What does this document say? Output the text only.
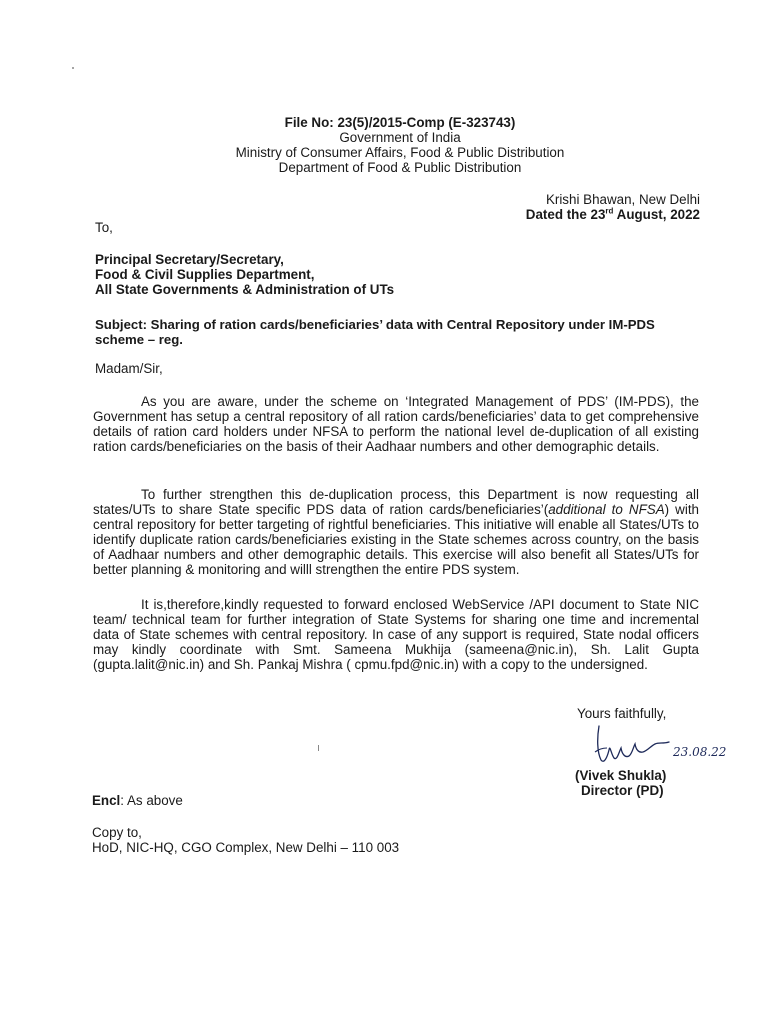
File No: 23(5)/2015-Comp (E-323743)
Government of India
Ministry of Consumer Affairs, Food & Public Distribution
Department of Food & Public Distribution
Krishi Bhawan, New Delhi
Dated the 23rd August, 2022
To,
Principal Secretary/Secretary,
Food & Civil Supplies Department,
All State Governments & Administration of UTs
Subject: Sharing of ration cards/beneficiaries’ data with Central Repository under IM-PDS
scheme – reg.
Madam/Sir,

As you are aware, under the scheme on ‘Integrated Management of PDS’ (IM-PDS), the Government has setup a central repository of all ration cards/beneficiaries’ data to get comprehensive details of ration card holders under NFSA to perform the national level de-duplication of all existing ration cards/beneficiaries on the basis of their Aadhaar numbers and other demographic details.

To further strengthen this de-duplication process, this Department is now requesting all states/UTs to share State specific PDS data of ration cards/beneficiaries’(additional to NFSA) with central repository for better targeting of rightful beneficiaries. This initiative will enable all States/UTs to identify duplicate ration cards/beneficiaries existing in the State schemes across country, on the basis of Aadhaar numbers and other demographic details. This exercise will also benefit all States/UTs for better planning & monitoring and willl strengthen the entire PDS system.

It is,therefore,kindly requested to forward enclosed WebService /API document to State NIC team/ technical team for further integration of State Systems for sharing one time and incremental data of State schemes with central repository. In case of any support is required, State nodal officers may kindly coordinate with Smt. Sameena Mukhija (sameena@nic.in), Sh. Lalit Gupta (gupta.lalit@nic.in) and Sh. Pankaj Mishra ( cpmu.fpd@nic.in) with a copy to the undersigned.

Yours faithfully,
23.08.22
(Vivek Shukla)
Director (PD)
Encl: As above
Copy to,
HoD, NIC-HQ, CGO Complex, New Delhi – 110 003
